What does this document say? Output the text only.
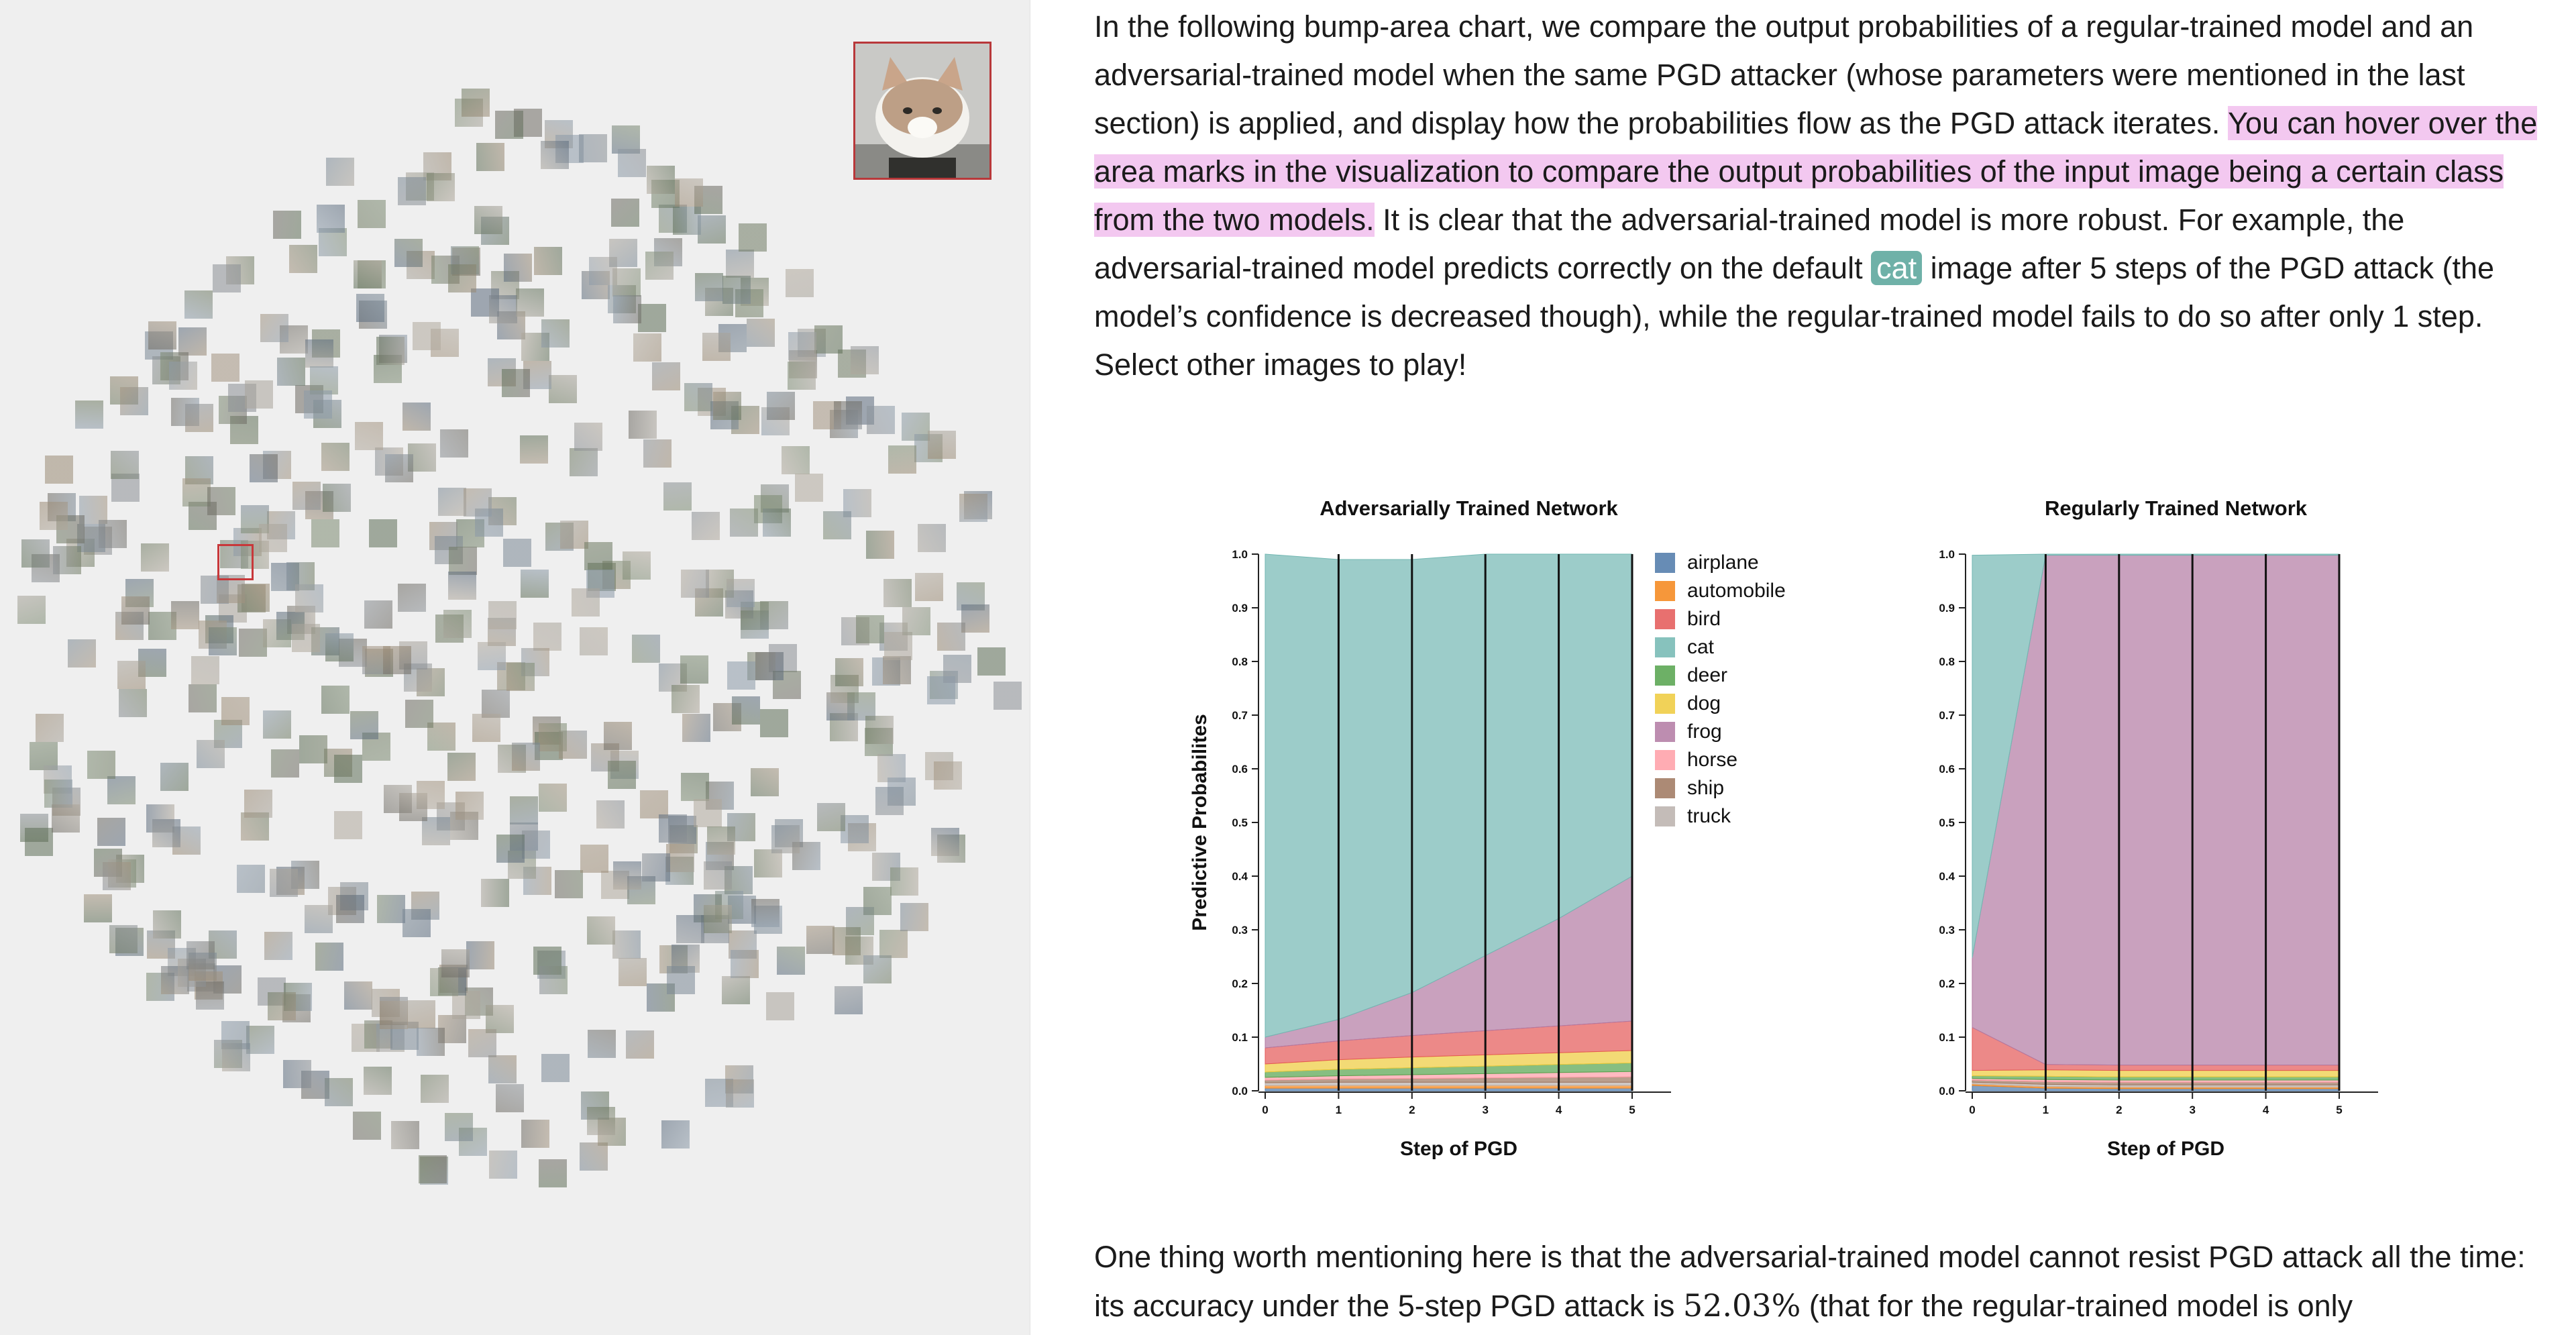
In the following bump-area chart, we compare the output probabilities of a regular-trained model and an adversarial-trained model when the same PGD attacker (whose parameters were mentioned in the last section) is applied, and display how the probabilities flow as the PGD attack iterates. You can hover over the area marks in the visualization to compare the output probabilities of the input image being a certain class from the two models. It is clear that the adversarial-trained model is more robust. For example, the adversarial-trained model predicts correctly on the default cat image after 5 steps of the PGD attack (the model’s confidence is decreased though), while the regular-trained model fails to do so after only 1 step. Select other images to play!

0.0
0.1
0.2
0.3
0.4
0.5
0.6
0.7
0.8
0.9
1.0
0	1	2	3	4	5
Adversarially Trained Network
Step of PGD
Predictive Probabilites
airplane
automobile
bird
cat
deer
dog
frog
horse
ship
truck
0.0
0.1
0.2
0.3
0.4
0.5
0.6
0.7
0.8
0.9
1.0
0	1	2	3	4	5
Regularly Trained Network
Step of PGD

One thing worth mentioning here is that the adversarial-trained model cannot resist PGD attack all the time: its accuracy under the 5-step PGD attack is 52.03% (that for the regular-trained model is only
